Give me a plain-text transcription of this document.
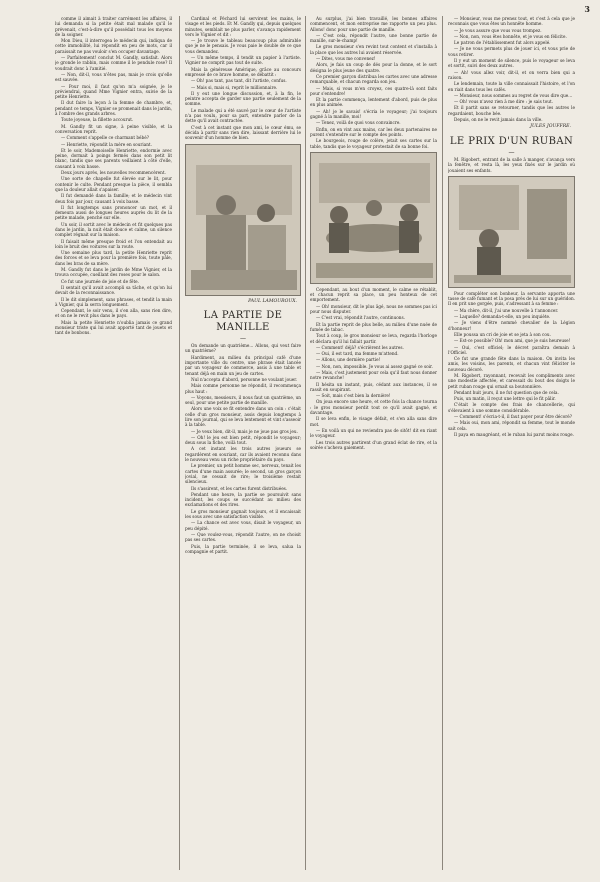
3

comme il aimait à traiter carrément les affaires, il lui demanda si la petite était mal malade qu'il le prévenait, c'est-à-dire qu'il possédait tous les moyens de la soigner.

Mon Dieu, il interrogea le médecin qui, indiqua de cette immobilité, lui répondit en peu de mots, car il paraissait ne pas vouloir s'en occuper davantage.

— Parfaitement! conclut M. Gandly, satisfait. Alors je gronde le rabbin, mais comme il le pendule rose? Il voudrait donc à l'amitié.

— Non, dit-il, vous n'êtes pas, mais je crois qu'elle est sauvée.

— Pour moi, il faut qu'on m'a soignée, je le préviendrai, quand Mme Vignier entra, suivie de la petite Henriette.

Il dut faire la leçon à la femme de chambre, et, pendant ce temps, Vignier se promenait dans le jardin, à l'ombre des grands arbres.

Toute joyeuse, la fillette accourut.

M. Gandly fit un signe, à peine visible, et la conversation reprit.

— Comment s'appelle ce charmant bébé?

— Henriette, répondit la mère en souriant.

Et le soir, Mademoiselle Henriette, endormie avec peine, dormait à poings fermés dans son petit lit blanc, tandis que ses parents veillaient à côté d'elle, causant à voix basse.

Deux jours après, les nouvelles recommencèrent.

Une sorte de chapelle fut élevée sur le lit, pour contenir le culte. Pendant presque la pièce, il sembla que la douleur allait s'apaiser.

Il fut demandé dans la famille; et le médecin vint deux fois par jour, causant à voix basse.

Il fut longtemps sans prononcer un mot, et il demeura aussi de longues heures auprès du lit de la petite malade, penché sur elle.

Un soir, il sortit avec le médecin et fit quelques pas dans le jardin, la nuit était douce et calme, un silence complet régnait sur la maison.

Il faisait même presque froid et l'on entendait au loin le bruit des voitures sur la route.

Une semaine plus tard, la petite Henriette reprit des forces et se leva pour la première fois, toute pâle, dans les bras de sa mère.

M. Gandly fut dans le jardin de Mme Vignier, et la trouva occupée, cueillant des roses pour le salon.

Ce fut une journée de joie et de fête.

Il sentait qu'il avait accompli sa tâche, et qu'on lui devait de la reconnaissance.

Il le dit simplement, sans phrases, et tendit la main à Vignier, qui la serra longuement.

Cependant, le soir venu, il s'en alla, sans rien dire, et on ne le revit plus dans le pays.

Mais la petite Henriette n'oublia jamais ce grand monsieur triste qui lui avait apporté tant de jouets et tant de bonbons.

Cardinal et Péchard lui servirent les mains, le visage et les pieds. Et M. Gandly qui, depuis quelques minutes, semblait ne plus parler, s'avança rapidement vers le Vignier et dit :

— Je trouve le tableau beaucoup plus admirable que je ne le pensais. Je vous paie le double de ce que vous demandez.

— Un même temps, il tendit un papier à l'artiste. Vignier ne comprit pas tout de suite.

Mais la généreuse Amérique, grâce au concours empressé de ce brave homme, se débattit :

— Oh! pas tant, pas tant, dit l'artiste, confus.

— Mais si, mais si, reprit le millionnaire.

Il y eut une longue discussion, et, à la fin, le peintre accepta de garder une partie seulement de la somme.

Le malade qui a été sauvé par le cœur de l'artiste n'a pas voulu, pour sa part, entendre parler de la dette qu'il avait contractée.

C'est à cet instant que mon ami, le cœur ému, se décida à partir sans rien dire, laissant derrière lui le souvenir d'un homme de bien.

PAUL LAMOUROUX.

LA PARTIE DE MANILLE
—

On demande un quatrième... Allons, qui veut faire un quatrième?

Hardiment, au milieu du principal café d'une importante ville du centre, une phrase était lancée par un voyageur de commerce, assis à une table et tenant déjà en main un jeu de cartes.

Nul n'accepta d'abord, personne ne voulant jouer.

Mais comme personne ne répondit, il recommença plus haut :

— Voyons, messieurs, il nous faut un quatrième, un seul, pour une petite partie de manille.

Alors une voix se fit entendre dans un coin : c'était celle d'un gros monsieur, assis depuis longtemps à lire son journal, qui se leva lentement et vint s'asseoir à la table.

— Je veux bien, dit-il, mais je ne joue pas gros jeu.

— Oh! le jeu est bien petit, répondit le voyageur; deux sous la fiche, voilà tout.

A cet instant les trois autres joueurs se regardèrent en souriant, car ils avaient reconnu dans le nouveau venu un riche propriétaire du pays.

Le premier, un petit homme sec, nerveux, tenait les cartes d'une main assurée; le second, un gros garçon jovial, ne cessait de rire; le troisième restait silencieux.

Ils s'assirent, et les cartes furent distribuées.

Pendant une heure, la partie se poursuivit sans incident, les coups se succédant au milieu des exclamations et des rires.

Le gros monsieur gagnait toujours, et il encaissait les sous avec une satisfaction visible.

— La chance est avec vous, disait le voyageur, un peu dépité.

— Que voulez-vous, répondit l'autre, on ne choisit pas ses cartes.

Puis, la partie terminée, il se leva, salua la compagnie et partit.

Au surplus, j'ai bien travaillé, les bonnes affaires commencent, et mon entreprise me rapporte un peu plus. Allons! donc pour une partie de manille.

— C'est cela, répondit l'autre, une bonne partie de manille, sur-le-champ!

Le gros monsieur s'en revint tout content et s'installa à la place que les autres lui avaient réservée.

— Dites, vous me convenez!

Alors, je fais un coup de dés pour la donne, et le sort désigna le plus jeune des quatre.

Ce premier garçon distribua les cartes avec une adresse remarquable, et chacun regarda son jeu.

— Mais, si vous m'en croyez, ces quatre-là sont faits pour s'entendre!

Et la partie commença, lentement d'abord, puis de plus en plus animée.

— Ah! je le savais! s'écria le voyageur; j'ai toujours gagné à la manille, moi!

— Tenez, voilà de quoi vous convaincre.

Enfin, on en vint aux mains, car les deux partenaires ne purent s'entendre sur le compte des points.

Le bourgeois, rouge de colère, jetait ses cartes sur la table, tandis que le voyageur protestait de sa bonne foi.

Cependant, au bout d'un moment, le calme se rétablit, et chacun reprit sa place, un peu honteux de cet emportement.

— Oh! monsieur, dit le plus âgé, nous ne sommes pas ici pour nous disputer.

— C'est vrai, répondit l'autre, continuons.

Et la partie reprit de plus belle, au milieu d'une nuée de fumée de tabac.

Tout à coup, le gros monsieur se leva, regarda l'horloge et déclara qu'il lui fallait partir.

— Comment! déjà? s'écrièrent les autres.

— Oui, il est tard, ma femme m'attend.

— Allons, une dernière partie!

— Non, non, impossible. Je vous ai assez gagné ce soir.

— Mais, c'est justement pour cela qu'il faut nous donner notre revanche!

Il hésita un instant, puis, cédant aux instances, il se rassit en soupirant.

— Soit, mais c'est bien la dernière!

On joua encore une heure, et cette fois la chance tourna : le gros monsieur perdit tout ce qu'il avait gagné, et davantage.

Il se leva enfin, le visage défait, et s'en alla sans dire mot.

— En voilà un qui ne reviendra pas de sitôt! dit en riant le voyageur.

Les trois autres partirent d'un grand éclat de rire, et la soirée s'acheva gaiement.

— Monsieur, vous me prenez tout, et c'est à cela que je reconnais que vous êtes un honnête homme.

— Je vous assure que vous vous trompez.

— Non, non, vous êtes honnête, et je vous en félicite.

Le patron de l'établissement fut alors appelé.

— Je ne vous permets plus de jouer ici, et vous prie de vous retirer.

Il y eut un moment de silence, puis le voyageur se leva et sortit, suivi des deux autres.

— Ah! vous allez voir, dit-il, et on verra bien qui a raison.

Le lendemain, toute la ville connaissait l'histoire, et l'on en riait dans tous les cafés.

— Monsieur, nous sommes au regret de vous dire que...

— Oh! vous n'avez rien à me dire : je sais tout.

Et il partit sans se retourner, tandis que les autres le regardaient, bouche bée.

Depuis, on ne le revit jamais dans la ville.

JULES JOUFFRE.

LE PRIX D'UN RUBAN
—

M. Rigobert, entrant de la salle à manger, s'avança vers la fenêtre, et resta là, les yeux fixés sur le jardin où jouaient ses enfants.

Pour compléter son bonheur, la servante apporta une tasse de café fumant et la posa près de lui sur un guéridon. Il en prit une gorgée, puis, s'adressant à sa femme :

— Ma chère, dit-il, j'ai une nouvelle à t'annoncer.

— Laquelle? demanda-t-elle, un peu inquiète.

— Je viens d'être nommé chevalier de la Légion d'honneur!

Elle poussa un cri de joie et se jeta à son cou.

— Est-ce possible? Oh! mon ami, que je suis heureuse!

— Oui, c'est officiel; le décret paraîtra demain à l'Officiel.

Ce fut une grande fête dans la maison. On invita les amis, les voisins, les parents, et chacun vint féliciter le nouveau décoré.

M. Rigobert, rayonnant, recevait les compliments avec une modestie affectée, et caressait du bout des doigts le petit ruban rouge qui ornait sa boutonnière.

Pendant huit jours, il ne fut question que de cela.

Puis, un matin, il reçut une lettre qui le fit pâlir.

C'était le compte des frais de chancellerie, qui s'élevaient à une somme considérable.

— Comment! s'écria-t-il, il faut payer pour être décoré?

— Mais oui, mon ami, répondit sa femme, tout le monde sait cela.

Il paya en maugréant, et le ruban lui parut moins rouge.
